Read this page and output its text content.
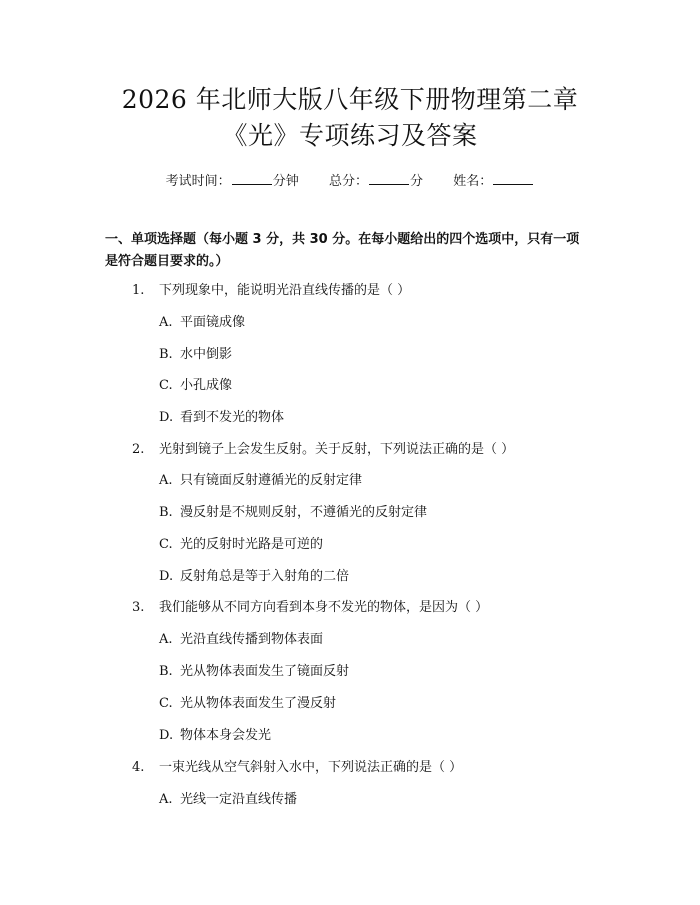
2026 年北师大版八年级下册物理第二章
《光》专项练习及答案
考试时间：	分钟 总分：	分 姓名：
一、单项选择题（每小题 3 分，共 30 分。在每小题给出的四个选项中，只有一项
是符合题目要求的。）
1. 下列现象中，能说明光沿直线传播的是（ ）
A. 平面镜成像
B. 水中倒影
C. 小孔成像
D. 看到不发光的物体
2. 光射到镜子上会发生反射。关于反射，下列说法正确的是（ ）
A. 只有镜面反射遵循光的反射定律
B. 漫反射是不规则反射，不遵循光的反射定律
C. 光的反射时光路是可逆的
D. 反射角总是等于入射角的二倍
3. 我们能够从不同方向看到本身不发光的物体，是因为（ ）
A. 光沿直线传播到物体表面
B. 光从物体表面发生了镜面反射
C. 光从物体表面发生了漫反射
D. 物体本身会发光
4. 一束光线从空气斜射入水中，下列说法正确的是（ ）
A. 光线一定沿直线传播
